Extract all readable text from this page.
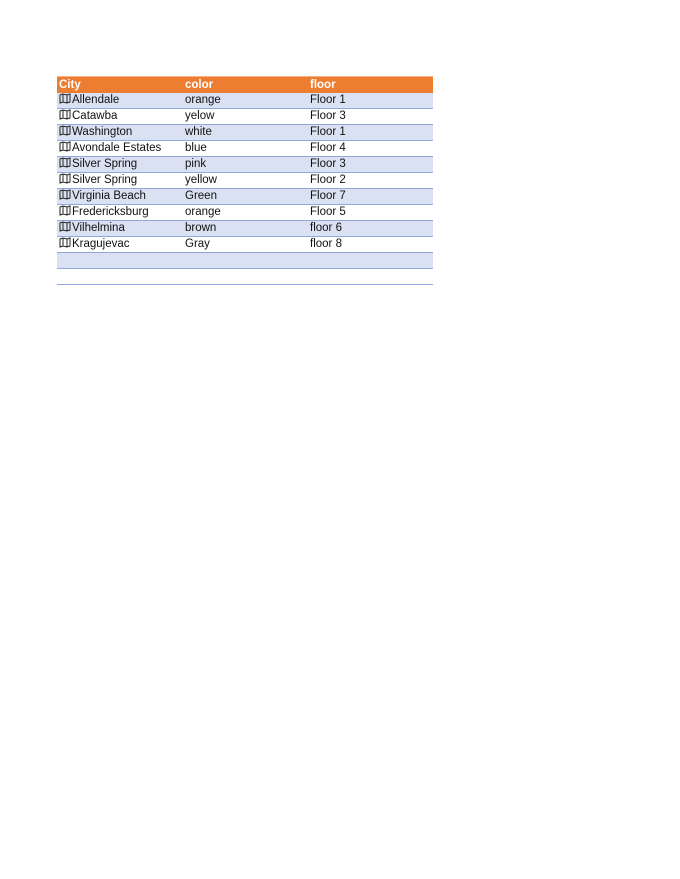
City	color	floor

Allendale	orange	Floor 1

Catawba	yelow	Floor 3

Washington	white	Floor 1

Avondale Estates	blue	Floor 4

Silver Spring	pink	Floor 3

Silver Spring	yellow	Floor 2

Virginia Beach	Green	Floor 7

Fredericksburg	orange	Floor 5

Vilhelmina	brown	floor 6

Kragujevac	Gray	floor 8
